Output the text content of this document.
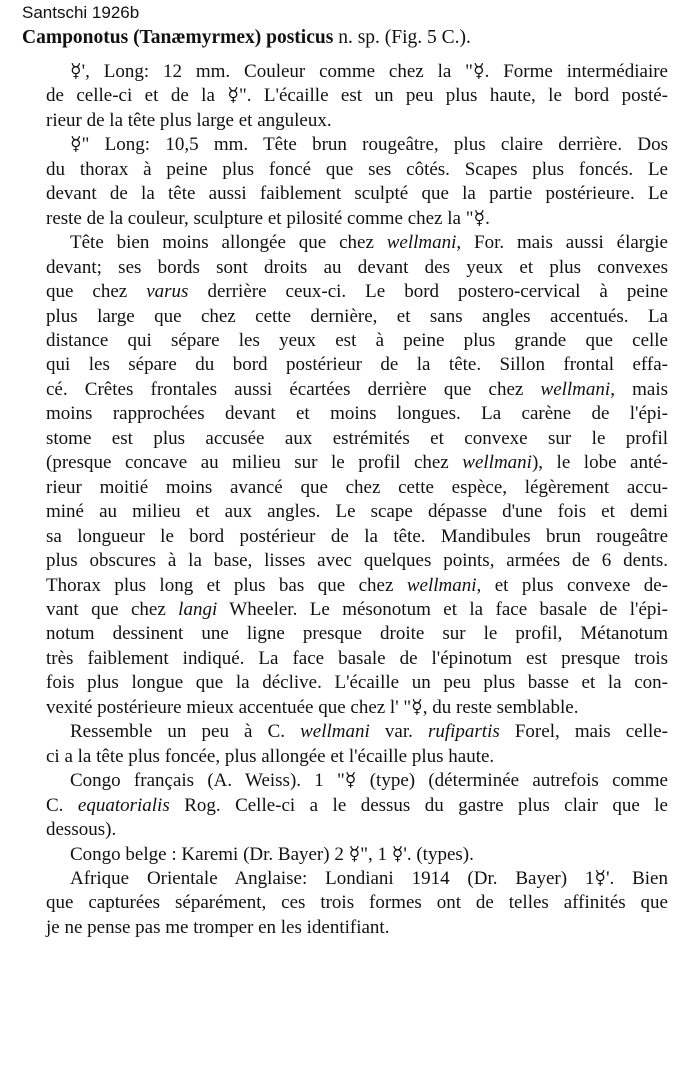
Santschi 1926b
Camponotus (Tanæmyrmex) posticus n. sp. (Fig. 5 C.).
☿', Long: 12 mm. Couleur comme chez la "☿. Forme intermédiaire
de celle-ci et de la ☿". L'écaille est un peu plus haute, le bord posté-
rieur de la tête plus large et anguleux.
☿" Long: 10,5 mm. Tête brun rougeâtre, plus claire derrière. Dos
du thorax à peine plus foncé que ses côtés. Scapes plus foncés. Le
devant de la tête aussi faiblement sculpté que la partie postérieure. Le
reste de la couleur, sculpture et pilosité comme chez la "☿.
Tête bien moins allongée que chez wellmani, For. mais aussi élargie
devant; ses bords sont droits au devant des yeux et plus convexes
que chez varus derrière ceux-ci. Le bord postero-cervical à peine
plus large que chez cette dernière, et sans angles accentués. La
distance qui sépare les yeux est à peine plus grande que celle
qui les sépare du bord postérieur de la tête. Sillon frontal effa-
cé. Crêtes frontales aussi écartées derrière que chez wellmani, mais
moins rapprochées devant et moins longues. La carène de l'épi-
stome est plus accusée aux estrémités et convexe sur le profil
(presque concave au milieu sur le profil chez wellmani), le lobe anté-
rieur moitié moins avancé que chez cette espèce, légèrement accu-
miné au milieu et aux angles. Le scape dépasse d'une fois et demi
sa longueur le bord postérieur de la tête. Mandibules brun rougeâtre
plus obscures à la base, lisses avec quelques points, armées de 6 dents.
Thorax plus long et plus bas que chez wellmani, et plus convexe de-
vant que chez langi Wheeler. Le mésonotum et la face basale de l'épi-
notum dessinent une ligne presque droite sur le profil, Métanotum
très faiblement indiqué. La face basale de l'épinotum est presque trois
fois plus longue que la déclive. L'écaille un peu plus basse et la con-
vexité postérieure mieux accentuée que chez l' "☿, du reste semblable.
Ressemble un peu à C. wellmani var. rufipartis Forel, mais celle-
ci a la tête plus foncée, plus allongée et l'écaille plus haute.
Congo français (A. Weiss). 1 "☿ (type) (déterminée autrefois comme
C. equatorialis Rog. Celle-ci a le dessus du gastre plus clair que le
dessous).
Congo belge : Karemi (Dr. Bayer) 2 ☿", 1 ☿'. (types).
Afrique Orientale Anglaise: Londiani 1914 (Dr. Bayer) 1☿'. Bien
que capturées séparément, ces trois formes ont de telles affinités que
je ne pense pas me tromper en les identifiant.
